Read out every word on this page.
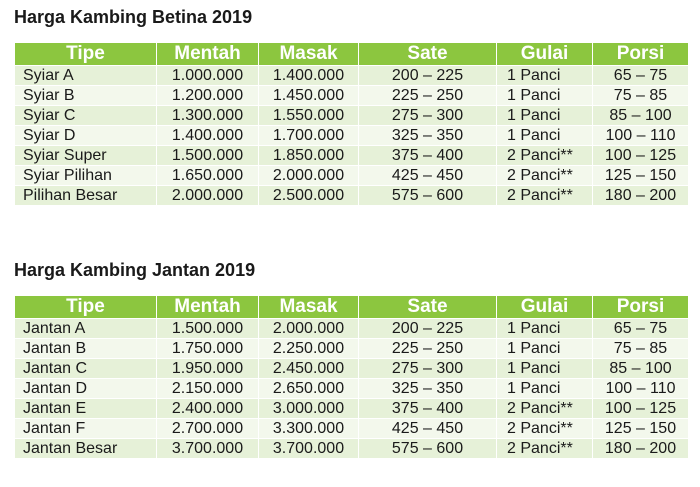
Harga Kambing Betina 2019
Tipe	Mentah	Masak	Sate	Gulai	Porsi
Syiar A	1.000.000	1.400.000	200 – 225	1 Panci	65 – 75
Syiar B	1.200.000	1.450.000	225 – 250	1 Panci	75 – 85
Syiar C	1.300.000	1.550.000	275 – 300	1 Panci	85 – 100
Syiar D	1.400.000	1.700.000	325 – 350	1 Panci	100 – 110
Syiar Super	1.500.000	1.850.000	375 – 400	2 Panci**	100 – 125
Syiar Pilihan	1.650.000	2.000.000	425 – 450	2 Panci**	125 – 150
Pilihan Besar	2.000.000	2.500.000	575 – 600	2 Panci**	180 – 200
Harga Kambing Jantan 2019
Tipe	Mentah	Masak	Sate	Gulai	Porsi
Jantan A	1.500.000	2.000.000	200 – 225	1 Panci	65 – 75
Jantan B	1.750.000	2.250.000	225 – 250	1 Panci	75 – 85
Jantan C	1.950.000	2.450.000	275 – 300	1 Panci	85 – 100
Jantan D	2.150.000	2.650.000	325 – 350	1 Panci	100 – 110
Jantan E	2.400.000	3.000.000	375 – 400	2 Panci**	100 – 125
Jantan F	2.700.000	3.300.000	425 – 450	2 Panci**	125 – 150
Jantan Besar	3.700.000	3.700.000	575 – 600	2 Panci**	180 – 200
